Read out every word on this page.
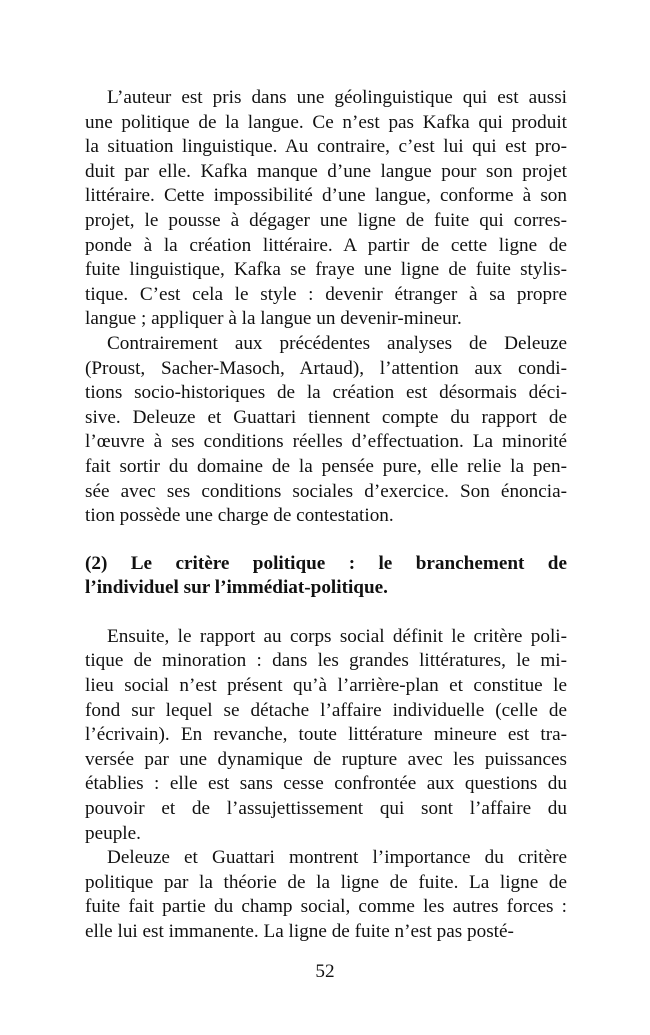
L’auteur est pris dans une géolinguistique qui est aussi
une politique de la langue. Ce n’est pas Kafka qui produit
la situation linguistique. Au contraire, c’est lui qui est pro-
duit par elle. Kafka manque d’une langue pour son projet
littéraire. Cette impossibilité d’une langue, conforme à son
projet, le pousse à dégager une ligne de fuite qui corres-
ponde à la création littéraire. A partir de cette ligne de
fuite linguistique, Kafka se fraye une ligne de fuite stylis-
tique. C’est cela le style : devenir étranger à sa propre
langue ; appliquer à la langue un devenir-mineur.
Contrairement aux précédentes analyses de Deleuze
(Proust, Sacher-Masoch, Artaud), l’attention aux condi-
tions socio-historiques de la création est désormais déci-
sive. Deleuze et Guattari tiennent compte du rapport de
l’œuvre à ses conditions réelles d’effectuation. La minorité
fait sortir du domaine de la pensée pure, elle relie la pen-
sée avec ses conditions sociales d’exercice. Son énoncia-
tion possède une charge de contestation.
(2) Le critère politique : le branchement de
l’individuel sur l’immédiat-politique.
Ensuite, le rapport au corps social définit le critère poli-
tique de minoration : dans les grandes littératures, le mi-
lieu social n’est présent qu’à l’arrière-plan et constitue le
fond sur lequel se détache l’affaire individuelle (celle de
l’écrivain). En revanche, toute littérature mineure est tra-
versée par une dynamique de rupture avec les puissances
établies : elle est sans cesse confrontée aux questions du
pouvoir et de l’assujettissement qui sont l’affaire du
peuple.
Deleuze et Guattari montrent l’importance du critère
politique par la théorie de la ligne de fuite. La ligne de
fuite fait partie du champ social, comme les autres forces :
elle lui est immanente. La ligne de fuite n’est pas posté-
52
